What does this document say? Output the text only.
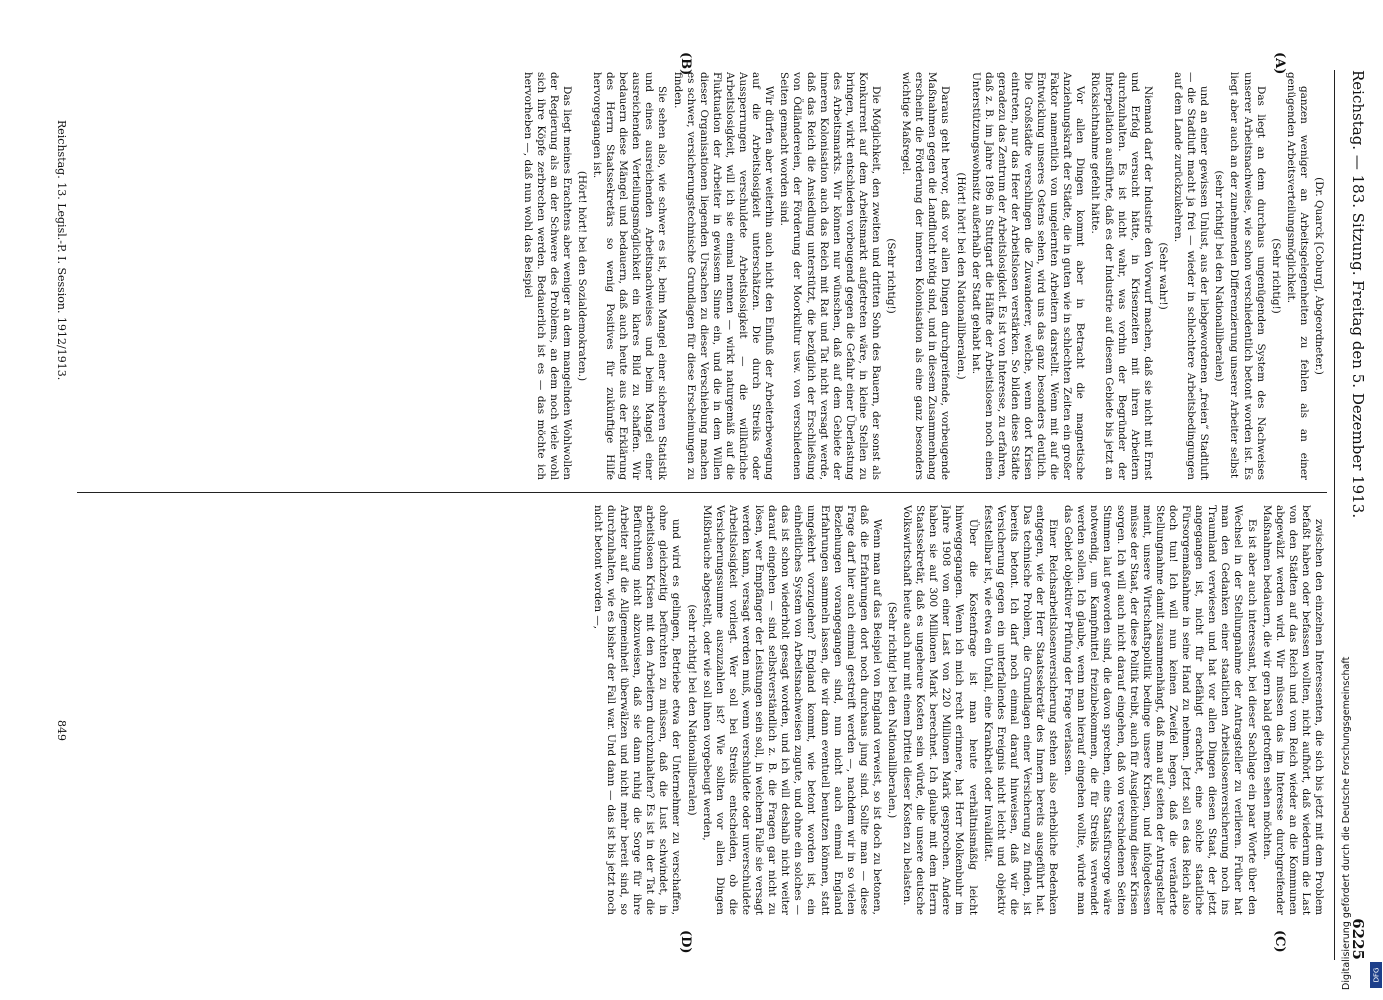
Reichstag. — 183. Sitzung. Freitag den 5. Dezember 1913.
6225
(A)
(B)
(C)
(D)

(Dr. Quarck [Coburg], Abgeordneter.)

ganzen weniger an Arbeitsgelegenheiten zu fehlen als an einer genügenden Arbeitsverteilungsmöglichkeit.

(Sehr richtig!)

Das liegt an dem durchaus ungenügenden System des Nachweises unserer Arbeitsnachweise, wie schon verschiedentlich betont worden ist. Es liegt aber auch an der zunehmenden Differenzierung unserer Arbeiter selbst

(sehr richtig! bei den Nationalliberalen)

und an einer gewissen Unlust, aus der liebgewordenen „freien“ Stadtluft — die Stadtluft macht ja frei — wieder in schlechtere Arbeitsbedingungen auf dem Lande zurückzukehren.

(Sehr wahr!)

Niemand darf der Industrie den Vorwurf machen, daß sie nicht mit Ernst und Erfolg versucht hätte, in Krisenzeiten mit ihren Arbeitern durchzuhalten. Es ist nicht wahr, was vorhin der Begründer der Interpellation ausführte, daß es der Industrie auf diesem Gebiete bis jetzt an Rücksichtnahme gefehlt hätte.

Vor allen Dingen kommt aber in Betracht die magnetische Anziehungskraft der Städte, die in guten wie in schlechten Zeiten ein großer Faktor namentlich von ungelernten Arbeitern darstellt. Wenn mit auf die Entwicklung unseres Ostens sehen, wird uns das ganz besonders deutlich. Die Großstädte verschlingen die Zuwanderer, welche, wenn dort Krisen eintreten, nur das Heer der Arbeitslosen verstärken. So bilden diese Städte geradezu das Zentrum der Arbeitslosigkeit. Es ist von Interesse, zu erfahren, daß z. B. im Jahre 1896 in Stuttgart die Hälfte der Arbeitslosen noch einen Unterstützungswohnsitz außerhalb der Stadt gehabt hat.

(Hört! hört! bei den Nationalliberalen.)

Daraus geht hervor, daß vor allen Dingen durchgreifende, vorbeugende Maßnahmen gegen die Landflucht nötig sind, und in diesem Zusammenhang erscheint die Förderung der inneren Kolonisation als eine ganz besonders wichtige Maßregel.

(Sehr richtig!)

Die Möglichkeit, den zweiten und dritten Sohn des Bauern, der sonst als Konkurrent auf dem Arbeitsmarkt aufgetreten wäre, in kleine Stellen zu bringen, wirkt entschieden vorbeugend gegen die Gefahr einer Überlastung des Arbeitsmarkts. Wir können nur wünschen, daß auf dem Gebiete der inneren Kolonisation auch das Reich mit Rat und Tat nicht versagt werde, daß das Reich die Ansiedlung unterstützt, die bezüglich der Erschließung von Ödländereien, der Förderung der Moorkultur usw. von verschiedenen Seiten gemacht worden sind.

Wir dürfen aber weiterhin auch nicht den Einfluß der Arbeiterbewegung auf die Arbeitslosigkeit unterschätzen. Die durch Streiks oder Aussperrungen verschuldete Arbeitslosigkeit — die willkürliche Arbeitslosigkeit, will ich sie einmal nennen — wirkt naturgemäß auf die Fluktuation der Arbeiter in gewissem Sinne ein, und die in dem Willen dieser Organisationen liegenden Ursachen zu dieser Verschiebung machen es schwer, versicherungstechnische Grundlagen für diese Erscheinungen zu finden.

Sie sehen also, wie schwer es ist, beim Mangel einer sicheren Statistik und eines ausreichenden Arbeitsnachweises und beim Mangel einer ausreichenden Verteilungsmöglichkeit ein klares Bild zu schaffen. Wir bedauern diese Mängel und bedauern, daß auch heute aus der Erklärung des Herrn Staatssekretärs so wenig Positives für zukünftige Hilfe hervorgegangen ist.

(Hört! hört! bei den Sozialdemokraten.)

Das liegt meines Erachtens aber weniger an dem mangelnden Wohlwollen der Regierung als an der Schwere des Problems, an dem noch viele wohl sich ihre Köpfe zerbrechen werden. Bedauerlich ist es — das möchte ich hervorheben —, daß nun wohl das Beispiel

zwischen den einzelnen Interessenten, die sich bis jetzt mit dem Problem befaßt haben oder befassen wollten, nicht aufhört, daß wiederum die Last von den Städten auf das Reich und vom Reich wieder an die Kommunen abgewälzt werden wird. Wir müssen das im Interesse durchgreifender Maßnahmen bedauern, die wir gern bald getroffen sehen möchten.

Es ist aber auch interessant, bei dieser Sachlage ein paar Worte über den Wechsel in der Stellungnahme der Antragsteller zu verlieren. Früher hat man den Gedanken einer staatlichen Arbeitslosenversicherung noch ins Traumland verwiesen und hat vor allen Dingen diesen Staat, der jetzt angegangen ist, nicht für befähigt erachtet, eine solche staatliche Fürsorgemaßnahme in seine Hand zu nehmen. Jetzt soll es das Reich also doch tun! Ich will nun keinen Zweifel hegen, daß die veränderte Stellungnahme damit zusammenhängt, daß man auf seiten der Antragsteller meint, unsere Wirtschaftspolitik bedinge unsere Krisen, und infolgedessen müsse der Staat, der diese Politik treibt, auch für Ausgleichung dieser Krisen sorgen. Ich will auch nicht darauf eingehen, daß von verschiedenen Seiten Stimmen laut geworden sind, die davon sprechen, eine Staatsfürsorge wäre notwendig, um Kampfmittel freizubekommen, die für Streiks verwendet werden sollen. Ich glaube, wenn man hierauf eingehen wollte, würde man das Gebiet objektiver Prüfung der Frage verlassen.

Einer Reichsarbeitslosenversicherung stehen also erhebliche Bedenken entgegen, wie der Herr Staatssekretär des Innern bereits ausgeführt hat. Das technische Problem, die Grundlagen einer Versicherung zu finden, ist bereits betont. Ich darf noch einmal darauf hinweisen, daß wir die Versicherung gegen ein unterfallendes Ereignis nicht leicht und objektiv feststellbar ist, wie etwa ein Unfall, eine Krankheit oder Invalidität.

Über die Kostenfrage ist man heute verhältnismäßig leicht hinweggegangen. Wenn ich mich recht erinnere, hat Herr Molkenbuhr im Jahre 1908 von einer Last von 220 Millionen Mark gesprochen. Andere haben sie auf 300 Millionen Mark berechnet. Ich glaube mit dem Herrn Staatssekretär, daß es ungeheure Kosten sein würde, die unsere deutsche Volkswirtschaft heute auch nur mit einem Drittel dieser Kosten zu belasten.

(Sehr richtig! bei den Nationalliberalen.)

Wenn man auf das Beispiel von England verweist, so ist doch zu betonen, daß die Erfahrungen dort noch durchaus jung sind. Sollte man — diese Frage darf hier auch einmal gestreift werden —, nachdem wir in so vielen Beziehungen vorangegangen sind, nun nicht auch einmal England Erfahrungen sammeln lassen, die wir dann eventuell benutzen können, statt umgekehrt vorzugehen? England kommt, wie betont worden ist, ein einheitliches System von Arbeitsnachweisen zugute, und ohne ein solches — das ist schon wiederholt gesagt worden, und ich will deshalb nicht weiter darauf eingehen — sind selbstverständlich z. B. die Fragen gar nicht zu lösen, wer Empfänger der Leistungen sein soll, in welchem Falle sie versagt werden kann, versagt werden muß, wenn verschuldete oder unverschuldete Arbeitslosigkeit vorliegt. Wer soll bei Streiks entscheiden, ob die Versicherungssumme auszuzahlen ist? Wie sollten vor allen Dingen Mißbräuche abgestellt, oder wie soll ihnen vorgebeugt werden,

(sehr richtig! bei den Nationalliberalen)

und wird es gelingen, Betriebe etwa der Unternehmer zu verschaffen, ohne gleichzeitig befürchten zu müssen, daß die Lust schwindet, in arbeitslosen Krisen mit den Arbeitern durchzuhalten? Es ist in der Tat die Befürchtung nicht abzuweisen, daß sie dann ruhig die Sorge für ihre Arbeiter auf die Allgemeinheit überwälzen und nicht mehr bereit sind, so durchzuhalten, wie es bisher der Fall war. Und dann — das ist bis jetzt noch nicht betont worden —,

Reichstag. 13. Legisl.-P. I. Session. 1912/1913.
849	Digitalisierung gefördert durch die Deutsche Forschungsgemeinschaft	DFG
